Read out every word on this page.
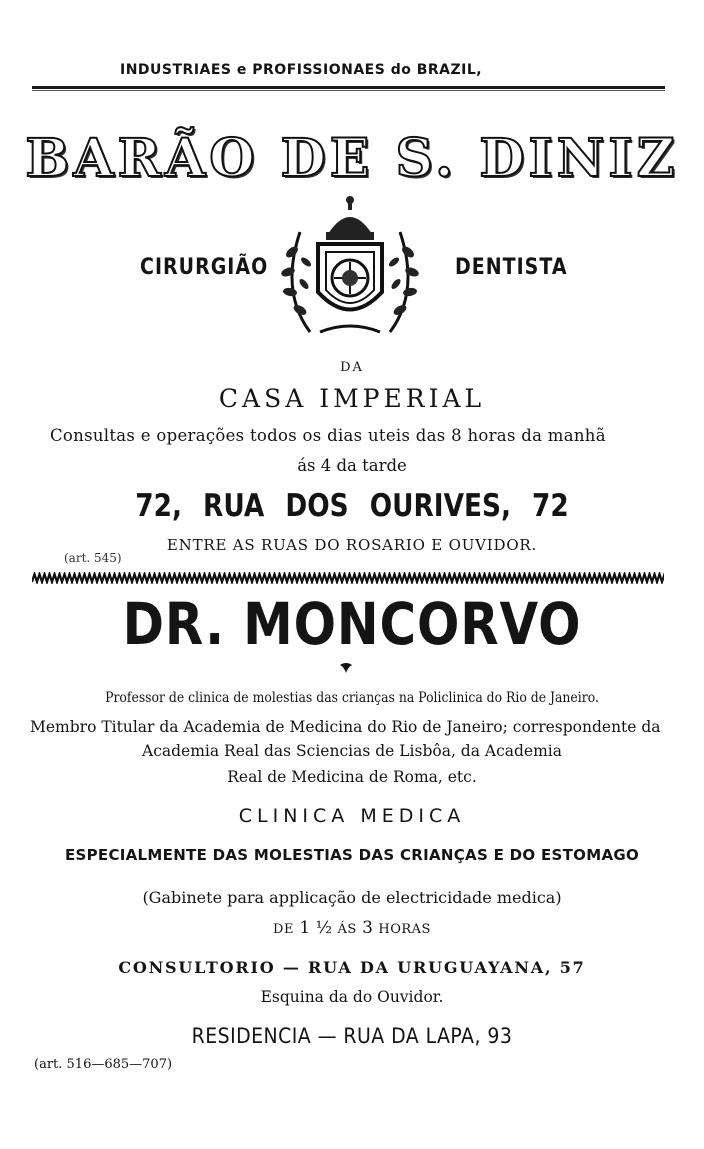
INDUSTRIAES e PROFISSIONAES do BRAZIL,
BARÃO DE S. DINIZ
CIRURGIÃO	DENTISTA
DA
CASA IMPERIAL
Consultas e operações todos os dias uteis das 8 horas da manhã
ás 4 da tarde
72, RUA DOS OURIVES, 72
ENTRE AS RUAS DO ROSARIO E OUVIDOR.
(art. 545)
DR. MONCORVO
Professor de clinica de molestias das crianças na Policlinica do Rio de Janeiro.
Membro Titular da Academia de Medicina do Rio de Janeiro; correspondente da
Academia Real das Sciencias de Lisbôa, da Academia
Real de Medicina de Roma, etc.
CLINICA MEDICA
ESPECIALMENTE DAS MOLESTIAS DAS CRIANÇAS E DO ESTOMAGO
(Gabinete para applicação de electricidade medica)
DE 1 ½ ÁS 3 HORAS
CONSULTORIO — RUA DA URUGUAYANA, 57
Esquina da do Ouvidor.
RESIDENCIA — RUA DA LAPA, 93
(art. 516—685—707)
